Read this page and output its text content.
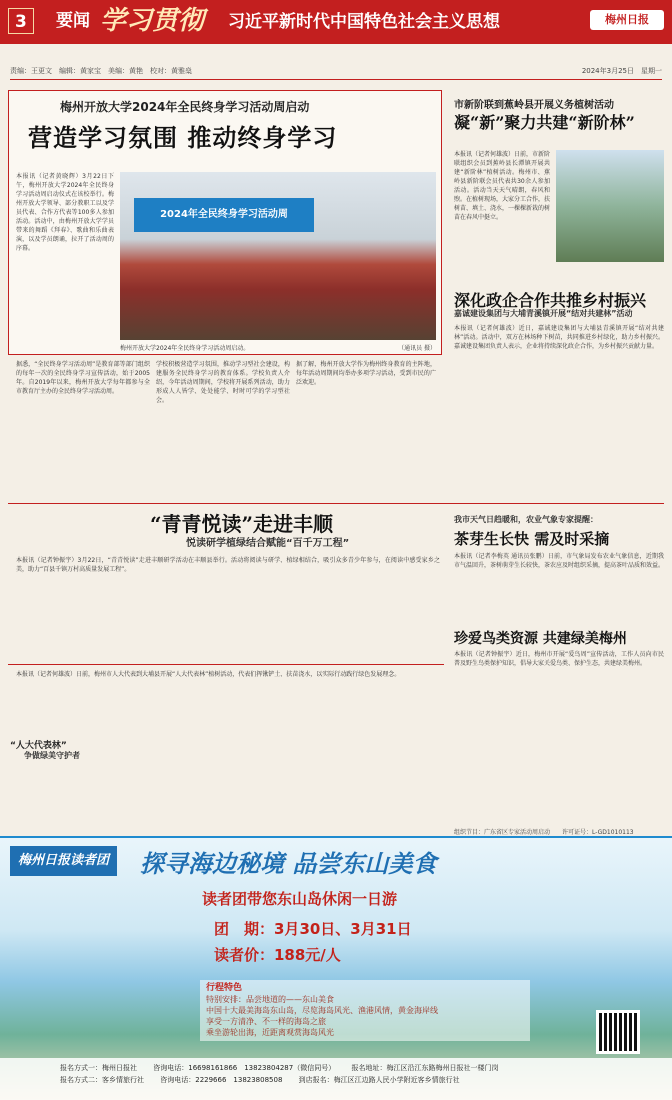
3	要闻 学习贯彻 习近平新时代中国特色社会主义思想	梅州日报
责编：王更文　编辑：黄家宝　美编：黄艳　校对：黄雅燊	2024年3月25日　星期一
梅州开放大学2024年全民终身学习活动周启动
营造学习氛围 推动终身学习
本报讯（记者黄晓辉）3月22日下午，梅州开放大学2024年全民终身学习活动周启动仪式在该校举行。梅州开放大学领导、部分教职工以及学员代表、合作方代表等100多人参加活动。活动中，由梅州开放大学学员带来的舞蹈《拜春》、歌曲和乐曲表演，以及学员朗诵，拉开了活动周的序幕。
2024年全民终身学习活动周
梅州开放大学2024年全民终身学习活动周启动。	（通讯员 摄）
据悉，“全民终身学习活动周”是教育部等部门组织的每年一次的全民终身学习宣传活动，始于2005年。自2019年以来，梅州开放大学每年都参与全市教育厅主办的全民终身学习活动周。
学校积极营造学习氛围，推动学习型社会建设，构建服务全民终身学习的教育体系。学校负责人介绍，今年活动周期间，学校将开展系列活动，助力形成人人皆学、处处能学、时时可学的学习型社会。
据了解，梅州开放大学作为梅州终身教育的主阵地，每年活动周期间均举办多项学习活动，受到市民的广泛欢迎。
市新阶联到蕉岭县开展义务植树活动
凝“新”聚力共建“新阶林”
本报讯（记者何雄波）日前，市新阶联组织会员到蕉岭县长潭镇开展共建“新阶林”植树活动。梅州市、蕉岭县新阶联会员代表共30余人参加活动。活动当天天气晴朗，春风和煦。在植树现场，大家分工合作，扶树苗、填土、浇水，一棵棵新栽的树苗在春风中挺立。
深化政企合作共推乡村振兴
嘉诚建设集团与大埔青溪镇开展“结对共建林”活动
本报讯（记者何雄波）近日，嘉诚建设集团与大埔县青溪镇开展“结对共建林”活动。活动中，双方在林场种下树苗，共同推进乡村绿化，助力乡村振兴。嘉诚建设集团负责人表示，企业将持续深化政企合作，为乡村振兴贡献力量。
“青青悦读”走进丰顺
悦读研学植绿结合赋能“百千万工程”
本报讯（记者钟振宇）3月22日，“青青悦读”走进丰顺研学活动在丰顺县举行。活动将阅读与研学、植绿相结合，吸引众多青少年参与，在阅读中感受家乡之美，助力“百县千镇万村高质量发展工程”。
我市天气日趋暖和，农业气象专家提醒：
茶芽生长快 需及时采摘
本报讯（记者李梅英 通讯员张鹏）日前，市气象局发布农业气象信息，近期我市气温回升，茶树萌芽生长较快，茶农应及时组织采摘，提高茶叶品质和效益。
珍爱鸟类资源 共建绿美梅州
本报讯（记者钟振宇）近日，梅州市开展“爱鸟周”宣传活动，工作人员向市民普及野生鸟类保护知识，倡导大家关爱鸟类、保护生态，共建绿美梅州。
“人大代表林”
争做绿美守护者
本报讯（记者何雄波）日前，梅州市人大代表到大埔县开展“人大代表林”植树活动，代表们挥锹铲土、扶苗浇水，以实际行动践行绿色发展理念。
组织节目：广东省区专家活动周启动　　许可证号：L-GD1010113
梅州日报读者团	探寻海边秘境 品尝东山美食
读者团带您东山岛休闲一日游
团　期：3月30日、3月31日
读者价：188元/人
行程特色
特别安排：品尝地道的——东山美食
中国十大最美海岛东山岛，尽览海岛风光、渔港风情，黄金海岸线
享受一方清净、不一样的海岛之旅
乘坐游轮出海，近距离观赏海岛风光
报名方式一：梅州日报社 咨询电话：16698161866　13823804287（微信同号） 报名地址：梅江区沿江东路梅州日报社一楼门岗
报名方式二：客乡情旅行社 咨询电话：2229666　13823808508 到店报名：梅江区江边路人民小学附近客乡情旅行社
